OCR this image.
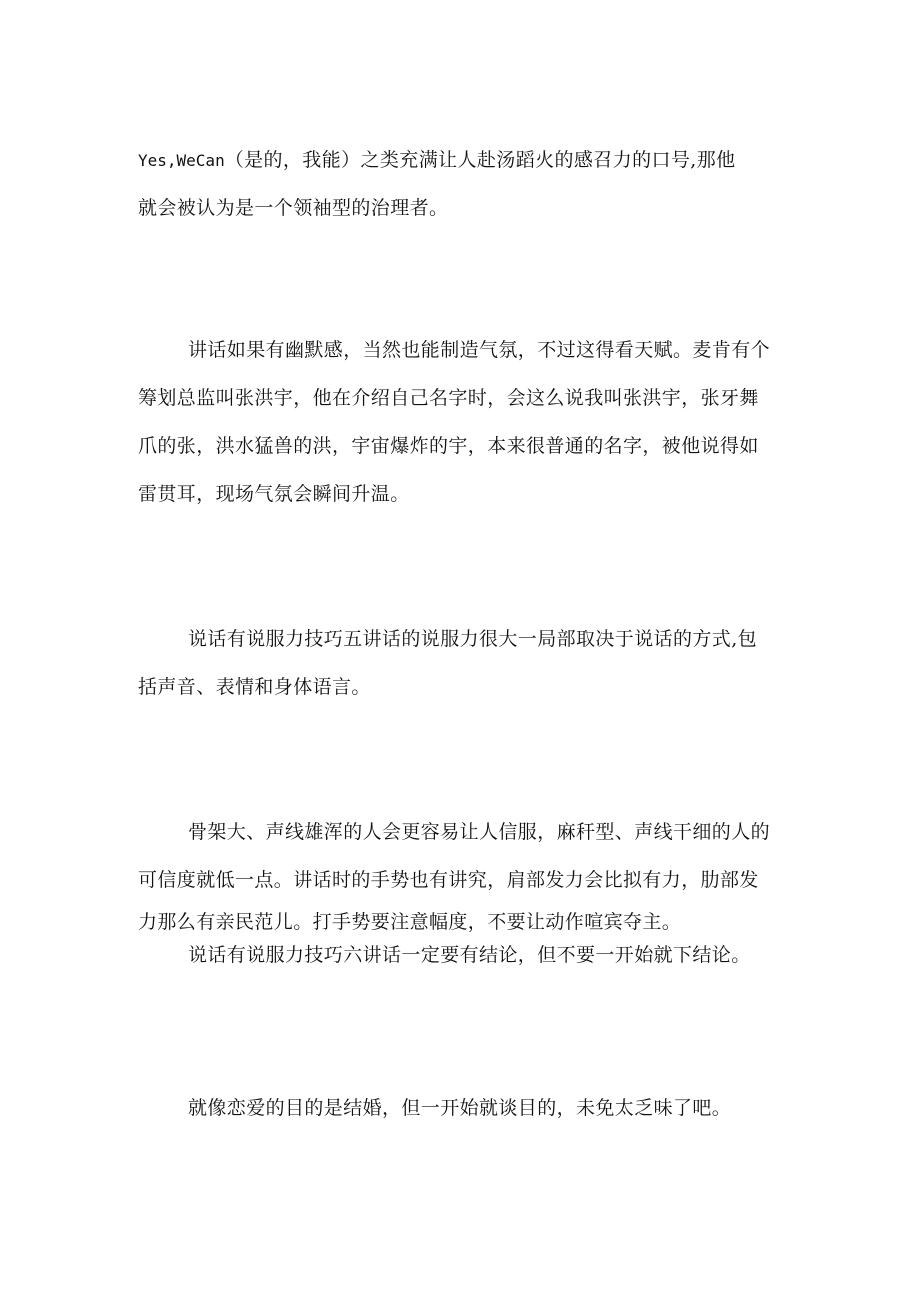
Yes,WeCan（是的，我能）之类充满让人赴汤蹈火的感召力的口号,那他
就会被认为是一个领袖型的治理者。
讲话如果有幽默感，当然也能制造气氛，不过这得看天赋。麦肯有个
筹划总监叫张洪宇，他在介绍自己名字时，会这么说我叫张洪宇，张牙舞
爪的张，洪水猛兽的洪，宇宙爆炸的宇，本来很普通的名字，被他说得如
雷贯耳，现场气氛会瞬间升温。
说话有说服力技巧五讲话的说服力很大一局部取决于说话的方式,包
括声音、表情和身体语言。
骨架大、声线雄浑的人会更容易让人信服，麻秆型、声线干细的人的
可信度就低一点。讲话时的手势也有讲究，肩部发力会比拟有力，肋部发
力那么有亲民范儿。打手势要注意幅度，不要让动作喧宾夺主。
说话有说服力技巧六讲话一定要有结论，但不要一开始就下结论。
就像恋爱的目的是结婚，但一开始就谈目的，未免太乏味了吧。
